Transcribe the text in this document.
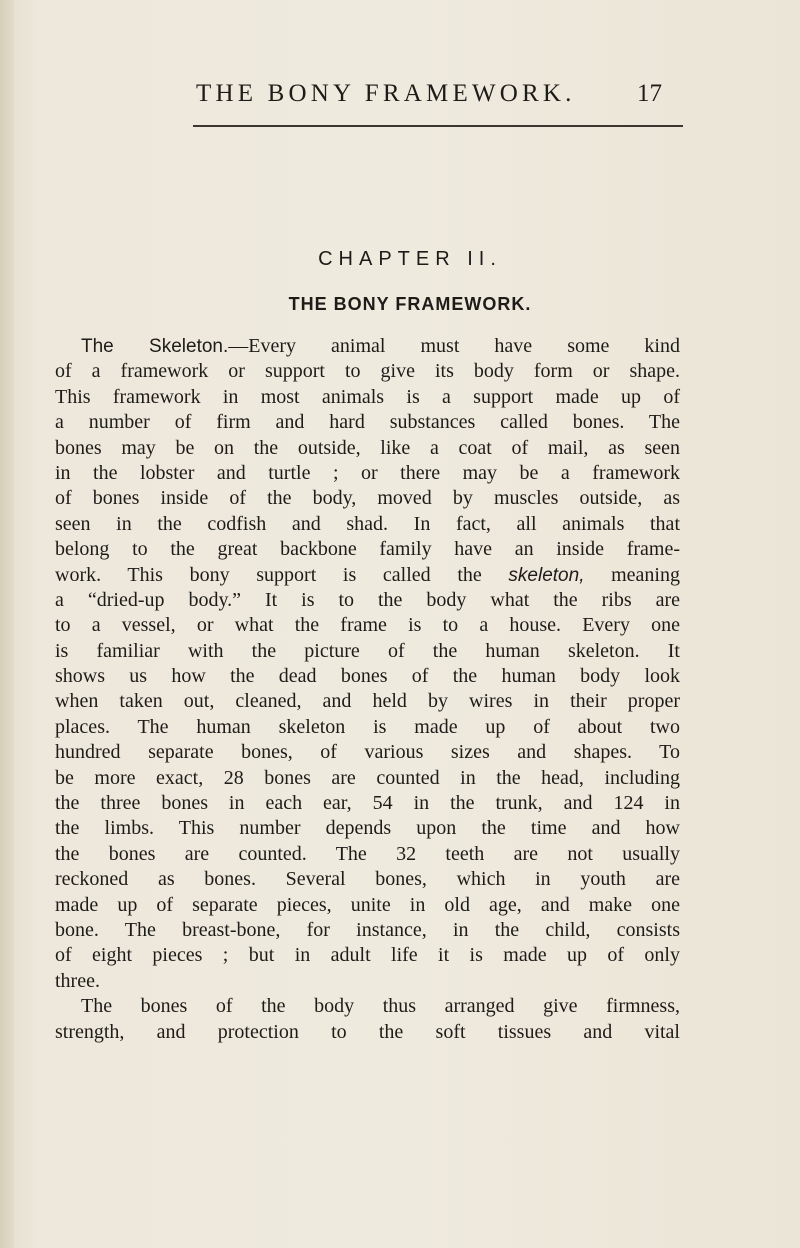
THE BONY FRAMEWORK. 17
CHAPTER II.
THE BONY FRAMEWORK.
The Skeleton.—Every animal must have some kind
of a framework or support to give its body form or shape.
This framework in most animals is a support made up of
a number of firm and hard substances called bones. The
bones may be on the outside, like a coat of mail, as seen
in the lobster and turtle ; or there may be a framework
of bones inside of the body, moved by muscles outside, as
seen in the codfish and shad. In fact, all animals that
belong to the great backbone family have an inside frame-
work. This bony support is called the skeleton, meaning
a “dried-up body.” It is to the body what the ribs are
to a vessel, or what the frame is to a house. Every one
is familiar with the picture of the human skeleton. It
shows us how the dead bones of the human body look
when taken out, cleaned, and held by wires in their proper
places. The human skeleton is made up of about two
hundred separate bones, of various sizes and shapes. To
be more exact, 28 bones are counted in the head, including
the three bones in each ear, 54 in the trunk, and 124 in
the limbs. This number depends upon the time and how
the bones are counted. The 32 teeth are not usually
reckoned as bones. Several bones, which in youth are
made up of separate pieces, unite in old age, and make one
bone. The breast-bone, for instance, in the child, consists
of eight pieces ; but in adult life it is made up of only
three.
The bones of the body thus arranged give firmness,
strength, and protection to the soft tissues and vital
